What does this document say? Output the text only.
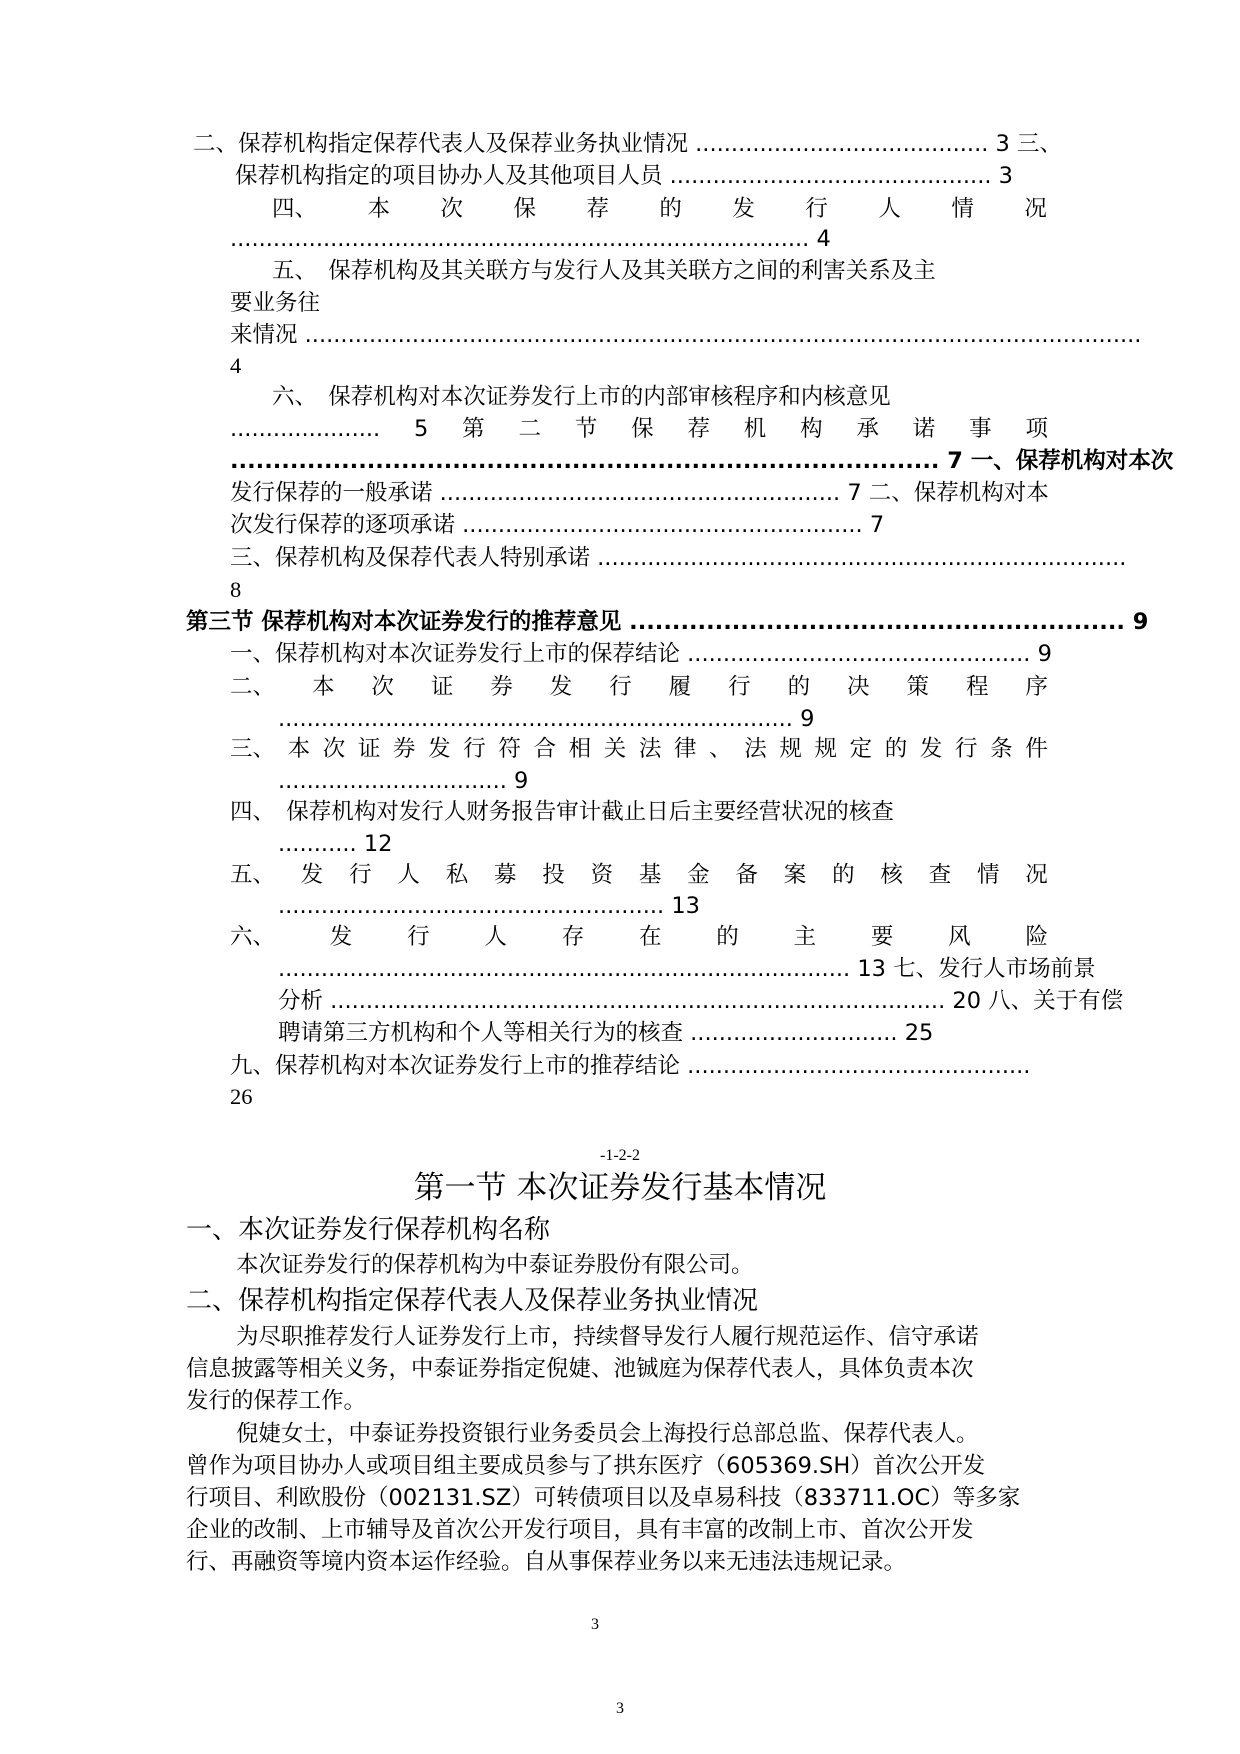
二、保荐机构指定保荐代表人及保荐业务执业情况 ......................................... 3 三、
保荐机构指定的项目协办人及其他项目人员 ............................................. 3
四、 本 次 保 荐 的 发 行 人 情 况
................................................................................. 4
五、　保荐机构及其关联方与发行人及其关联方之间的利害关系及主
要业务往
来情况 .....................................................................................................................
4
六、　保荐机构对本次证券发行上市的内部审核程序和内核意见
..................... 5 第 二 节 保 荐 机 构 承 诺 事 项
................................................................................... 7 一、保荐机构对本次
发行保荐的一般承诺 ........................................................ 7 二、保荐机构对本
次发行保荐的逐项承诺 ........................................................ 7
三、保荐机构及保荐代表人特别承诺 ..........................................................................
8
第三节 保荐机构对本次证券发行的推荐意见 .......................................................... 9
一、保荐机构对本次证券发行上市的保荐结论 ................................................ 9
二、 本 次 证 券 发 行 履 行 的 决 策 程 序
........................................................................ 9
三、 本 次 证 券 发 行 符 合 相 关 法 律 、 法 规 规 定 的 发 行 条 件
................................ 9
四、　保荐机构对发行人财务报告审计截止日后主要经营状况的核查
........... 12
五、 发 行 人 私 募 投 资 基 金 备 案 的 核 查 情 况
...................................................... 13
六、 发 行 人 存 在 的 主 要 风 险
................................................................................ 13 七、发行人市场前景
分析 ...................................................................................... 20 八、关于有偿
聘请第三方机构和个人等相关行为的核查 ............................. 25
九、保荐机构对本次证券发行上市的推荐结论 ................................................
26
-1-2-2
第一节 本次证券发行基本情况
一、本次证券发行保荐机构名称
本次证券发行的保荐机构为中泰证券股份有限公司。
二、保荐机构指定保荐代表人及保荐业务执业情况
为尽职推荐发行人证券发行上市，持续督导发行人履行规范运作、信守承诺
信息披露等相关义务，中泰证券指定倪婕、池铖庭为保荐代表人，具体负责本次
发行的保荐工作。
倪婕女士，中泰证券投资银行业务委员会上海投行总部总监、保荐代表人。
曾作为项目协办人或项目组主要成员参与了拱东医疗（605369.SH）首次公开发
行项目、利欧股份（002131.SZ）可转债项目以及卓易科技（833711.OC）等多家
企业的改制、上市辅导及首次公开发行项目，具有丰富的改制上市、首次公开发
行、再融资等境内资本运作经验。自从事保荐业务以来无违法违规记录。
3
3
